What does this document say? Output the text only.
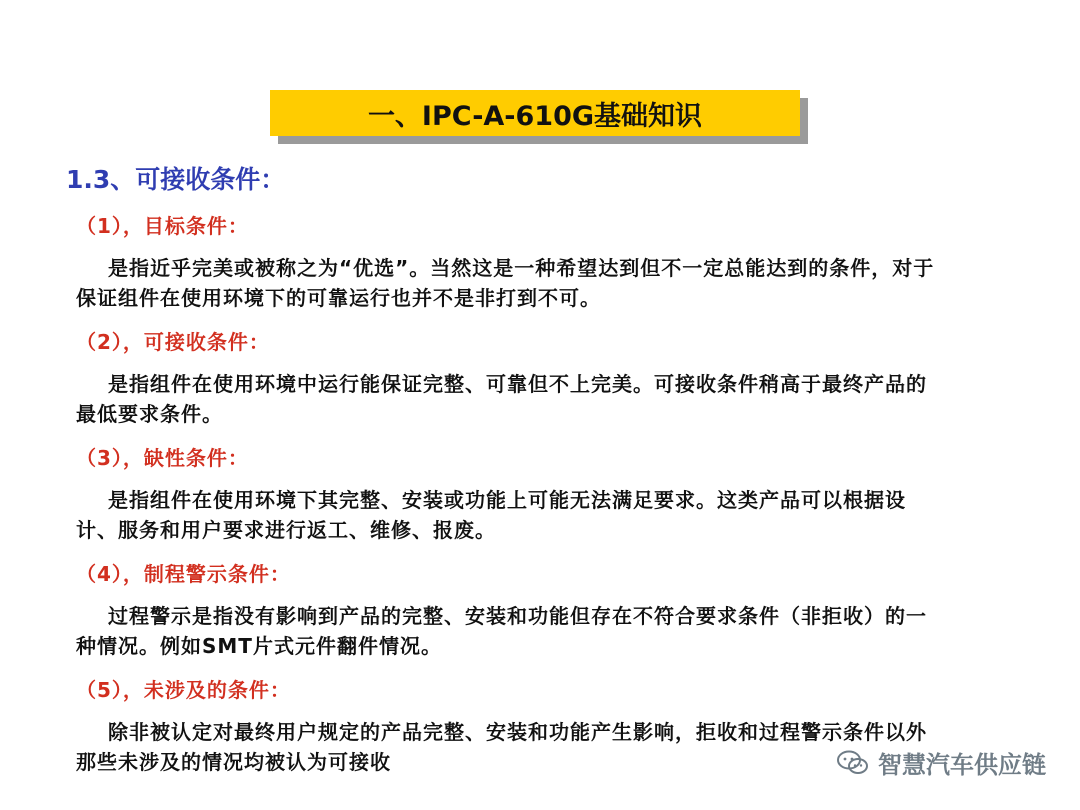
一、IPC-A-610G基础知识
1.3、可接收条件：
（1），目标条件：
是指近乎完美或被称之为“优选”。当然这是一种希望达到但不一定总能达到的条件，对于保证组件在使用环境下的可靠运行也并不是非打到不可。
（2），可接收条件：
是指组件在使用环境中运行能保证完整、可靠但不上完美。可接收条件稍高于最终产品的最低要求条件。
（3），缺性条件：
是指组件在使用环境下其完整、安装或功能上可能无法满足要求。这类产品可以根据设计、服务和用户要求进行返工、维修、报废。
（4），制程警示条件：
过程警示是指没有影响到产品的完整、安装和功能但存在不符合要求条件（非拒收）的一种情况。例如SMT片式元件翻件情况。
（5），未涉及的条件：
除非被认定对最终用户规定的产品完整、安装和功能产生影响，拒收和过程警示条件以外那些未涉及的情况均被认为可接收	智慧汽车供应链
